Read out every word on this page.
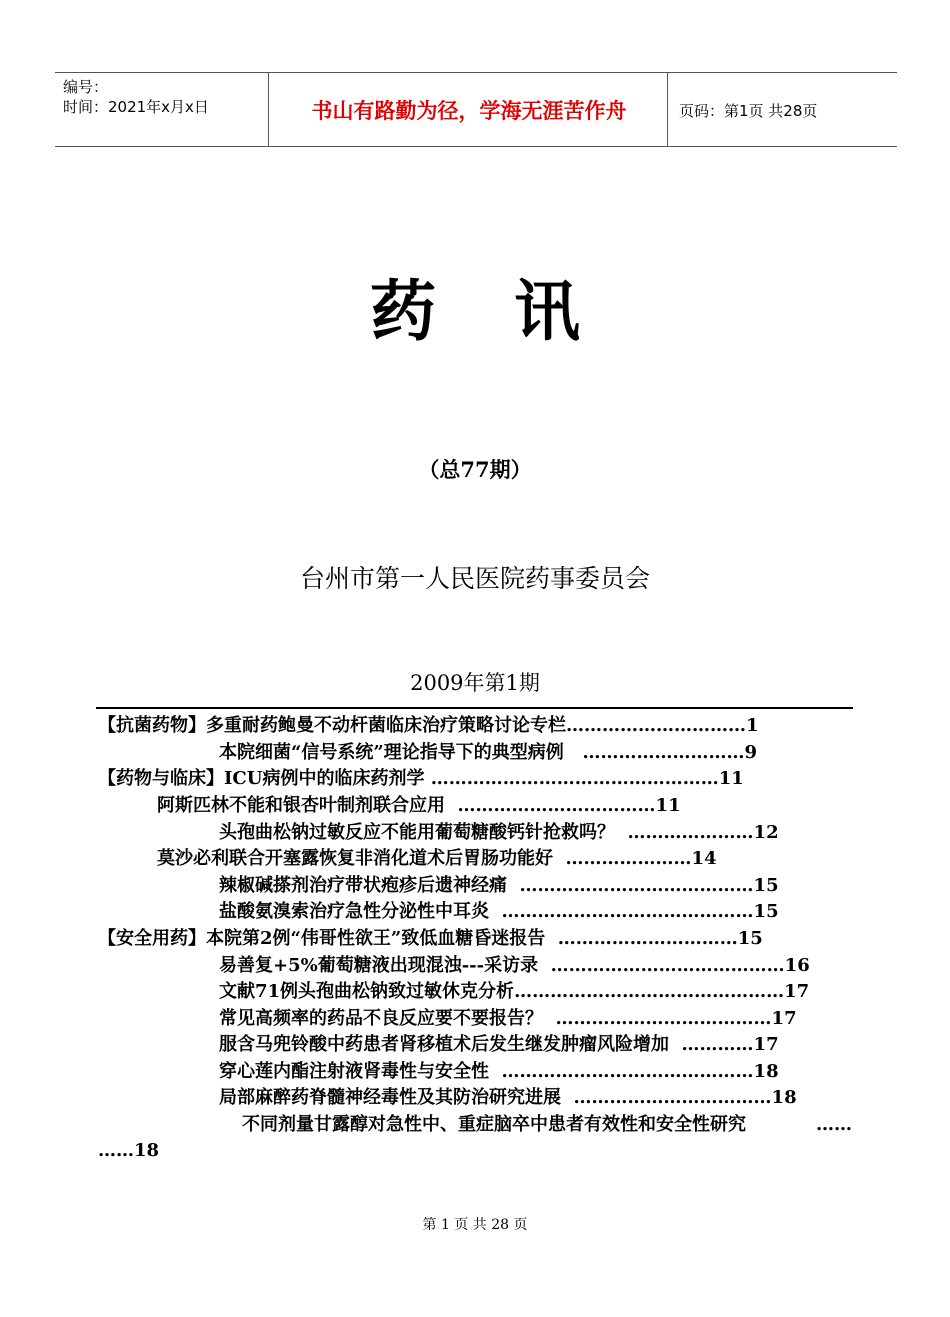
编号：
时间：2021年x月x日	书山有路勤为径，学海无涯苦作舟	页码：第1页 共28页
药讯
（总77期）
台州市第一人民医院药事委员会
2009年第1期
【抗菌药物】多重耐药鲍曼不动杆菌临床治疗策略讨论专栏…………………………1
本院细菌“信号系统”理论指导下的典型病例 ………………………9
【药物与临床】ICU病例中的临床药剂学 …………………………………………11
阿斯匹林不能和银杏叶制剂联合应用 ……………………………11
头孢曲松钠过敏反应不能用葡萄糖酸钙针抢救吗？ …………………12
莫沙必利联合开塞露恢复非消化道术后胃肠功能好 …………………14
辣椒碱搽剂治疗带状疱疹后遗神经痛 …………………………………15
盐酸氨溴索治疗急性分泌性中耳炎 ……………………………………15
【安全用药】本院第2例“伟哥性欲王”致低血糖昏迷报告 …………………………15
易善复+5%葡萄糖液出现混浊---采访录 …………………………………16
文献71例头孢曲松钠致过敏休克分析………………………………………17
常见高频率的药品不良反应要不要报告？ ………………………………17
服含马兜铃酸中药患者肾移植术后发生继发肿瘤风险增加 …………17
穿心莲内酯注射液肾毒性与安全性 ……………………………………18
局部麻醉药脊髓神经毒性及其防治研究进展 ……………………………18
不同剂量甘露醇对急性中、重症脑卒中患者有效性和安全性研究	……
……18
第 1 页 共 28 页
